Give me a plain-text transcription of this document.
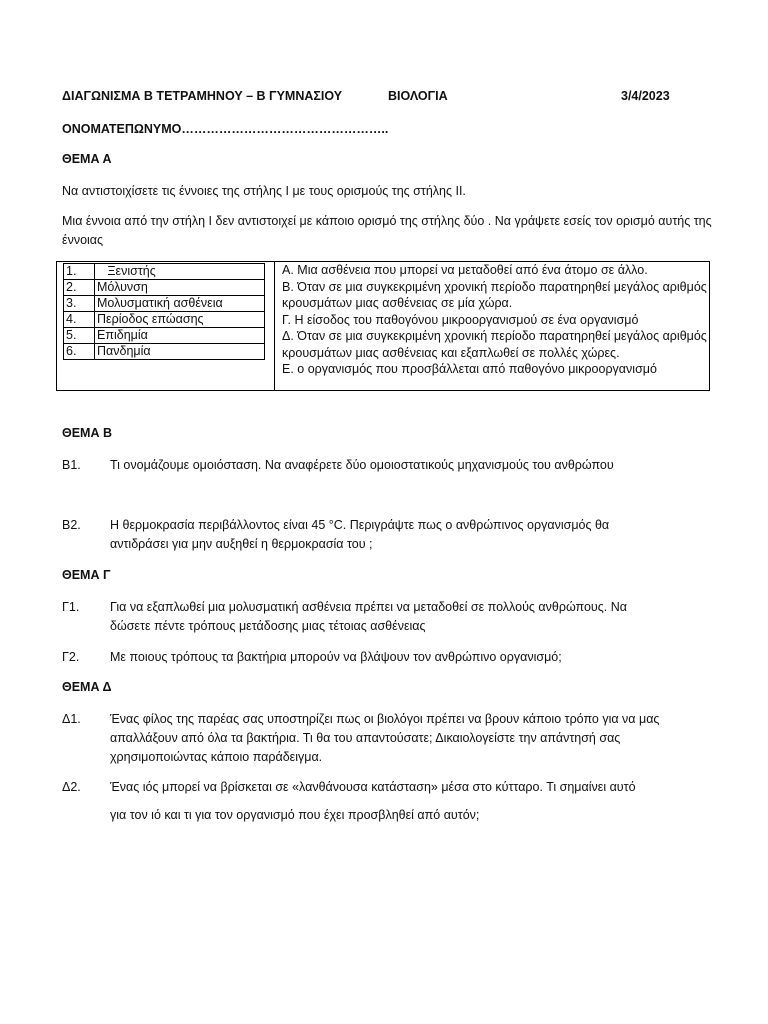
ΔΙΑΓΩΝΙΣΜΑ Β ΤΕΤΡΑΜΗΝΟΥ – Β ΓΥΜΝΑΣΙΟΥ	ΒΙΟΛΟΓΙΑ	3/4/2023
ΟΝΟΜΑΤΕΠΩΝΥΜΟ…………………………………………..
ΘΕΜΑ Α
Να αντιστοιχίσετε τις έννοιες της στήλης Ι με τους ορισμούς της στήλης ΙΙ.
Μια έννοια από την στήλη Ι δεν αντιστοιχεί με κάποιο ορισμό της στήλης δύο . Να γράψετε εσείς τον ορισμό αυτής της έννοιας
1.	Ξενιστής
2.	Μόλυνση
3.	Μολυσματική ασθένεια
4.	Περίοδος επώασης
5.	Επιδημία
6.	Πανδημία
Α. Μια ασθένεια που μπορεί να μεταδοθεί από ένα άτομο σε άλλο.
Β. Όταν σε μια συγκεκριμένη χρονική περίοδο παρατηρηθεί μεγάλος αριθμός κρουσμάτων μιας ασθένειας σε μία χώρα.
Γ. Η είσοδος του παθογόνου μικροοργανισμού σε ένα οργανισμό
Δ. Όταν σε μια συγκεκριμένη χρονική περίοδο παρατηρηθεί μεγάλος αριθμός κρουσμάτων μιας ασθένειας και εξαπλωθεί σε πολλές χώρες.
Ε. ο οργανισμός που προσβάλλεται από παθογόνο μικροοργανισμό
ΘΕΜΑ Β
Β1. Τι ονομάζουμε ομοιόσταση. Να αναφέρετε δύο ομοιοστατικούς μηχανισμούς του ανθρώπου
Β2. Η θερμοκρασία περιβάλλοντος είναι 45 °C. Περιγράψτε πως ο ανθρώπινος οργανισμός θα αντιδράσει για μην αυξηθεί η θερμοκρασία του ;
ΘΕΜΑ Γ
Γ1. Για να εξαπλωθεί μια μολυσματική ασθένεια πρέπει να μεταδοθεί σε πολλούς ανθρώπους. Να δώσετε πέντε τρόπους μετάδοσης μιας τέτοιας ασθένειας
Γ2. Με ποιους τρόπους τα βακτήρια μπορούν να βλάψουν τον ανθρώπινο οργανισμό;
ΘΕΜΑ Δ
Δ1. Ένας φίλος της παρέας σας υποστηρίζει πως οι βιολόγοι πρέπει να βρουν κάποιο τρόπο για να μας απαλλάξουν από όλα τα βακτήρια. Τι θα του απαντούσατε; Δικαιολογείστε την απάντησή σας χρησιμοποιώντας κάποιο παράδειγμα.
Δ2. Ένας ιός μπορεί να βρίσκεται σε «λανθάνουσα κατάσταση» μέσα στο κύτταρο. Τι σημαίνει αυτό
για τον ιό και τι για τον οργανισμό που έχει προσβληθεί από αυτόν;
